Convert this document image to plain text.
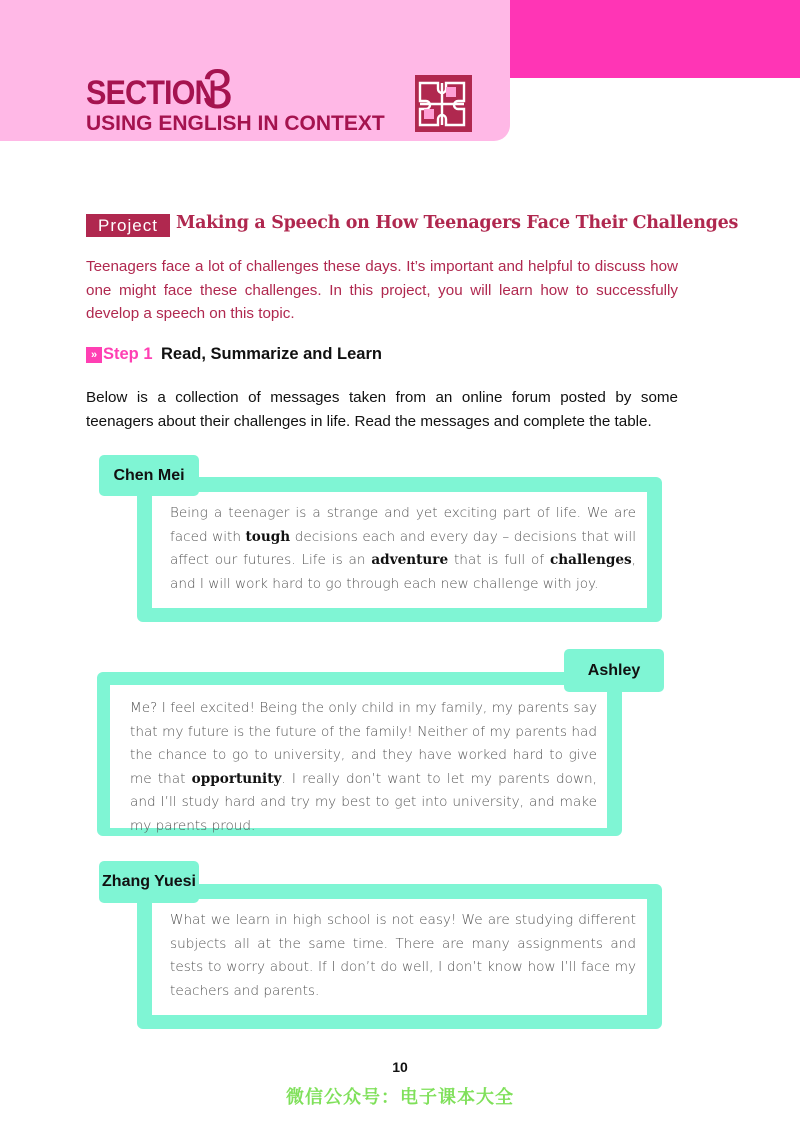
SECTION
3
USING ENGLISH IN CONTEXT
Project	Making a Speech on How Teenagers Face Their Challenges
Teenagers face a lot of challenges these days. It’s important and helpful to discuss how one might face these challenges. In this project, you will learn how to successfully develop a speech on this topic.
» Step 1 Read, Summarize and Learn
Below is a collection of messages taken from an online forum posted by some teenagers about their challenges in life. Read the messages and complete the table.
Chen Mei
Being a teenager is a strange and yet exciting part of life. We are faced with tough decisions each and every day – decisions that will affect our futures. Life is an adventure that is full of challenges, and I will work hard to go through each new challenge with joy.
Ashley
Me? I feel excited! Being the only child in my family, my parents say that my future is the future of the family! Neither of my parents had the chance to go to university, and they have worked hard to give me that opportunity. I really don’t want to let my parents down, and I’ll study hard and try my best to get into university, and make my parents proud.
Zhang Yuesi
What we learn in high school is not easy! We are studying different subjects all at the same time. There are many assignments and tests to worry about. If I don’t do well, I don’t know how I’ll face my teachers and parents.
10
微信公众号：电子课本大全
